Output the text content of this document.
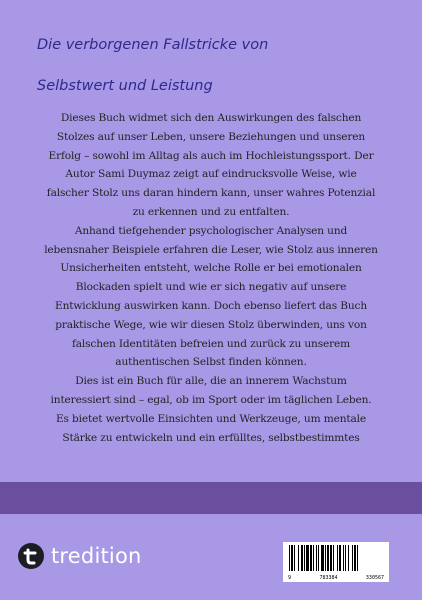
Die verborgenen Fallstricke von
Selbstwert und Leistung

Dieses Buch widmet sich den Auswirkungen des falschen
Stolzes auf unser Leben, unsere Beziehungen und unseren
Erfolg – sowohl im Alltag als auch im Hochleistungssport. Der
Autor Sami Duymaz zeigt auf eindrucksvolle Weise, wie
falscher Stolz uns daran hindern kann, unser wahres Potenzial
zu erkennen und zu entfalten.

Anhand tiefgehender psychologischer Analysen und
lebensnaher Beispiele erfahren die Leser, wie Stolz aus inneren
Unsicherheiten entsteht, welche Rolle er bei emotionalen
Blockaden spielt und wie er sich negativ auf unsere
Entwicklung auswirken kann. Doch ebenso liefert das Buch
praktische Wege, wie wir diesen Stolz überwinden, uns von
falschen Identitäten befreien und zurück zu unserem
authentischen Selbst finden können.

Dies ist ein Buch für alle, die an innerem Wachstum
interessiert sind – egal, ob im Sport oder im täglichen Leben.
Es bietet wertvolle Einsichten und Werkzeuge, um mentale
Stärke zu entwickeln und ein erfülltes, selbstbestimmtes

tredition
9	783384	330567
